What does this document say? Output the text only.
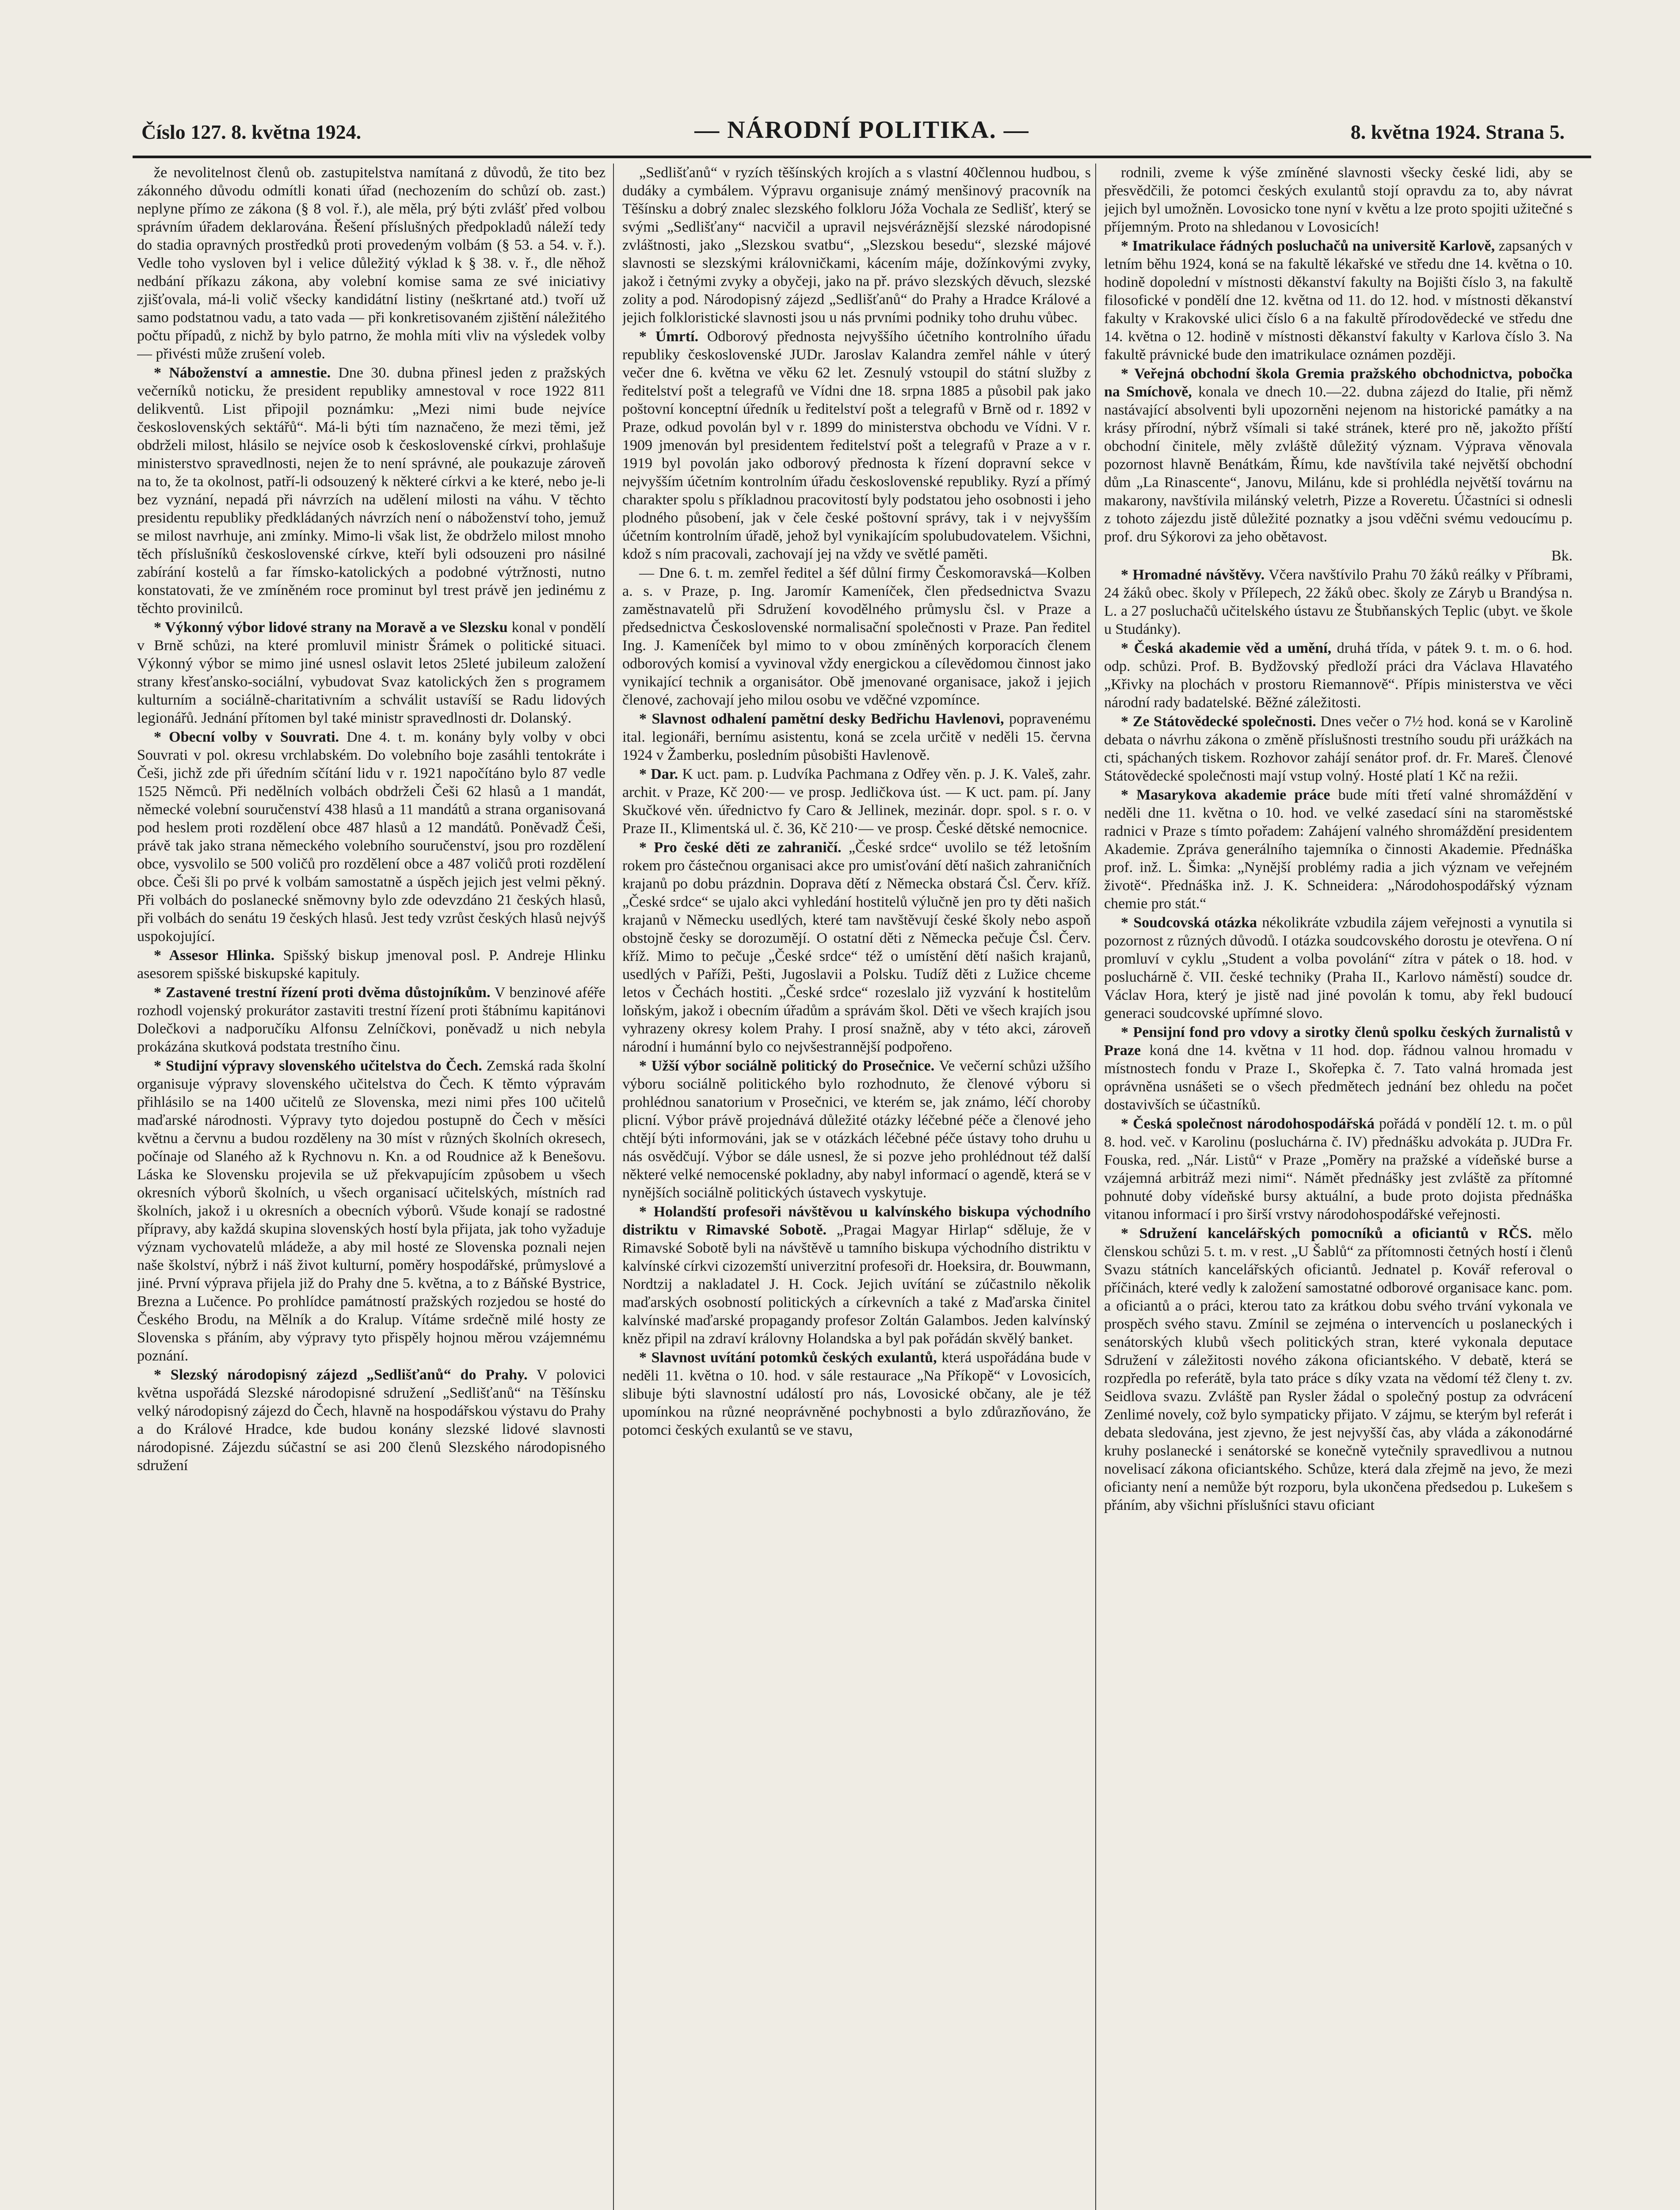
Číslo 127. 8. května 1924.	— NÁRODNÍ POLITIKA. —	8. května 1924. Strana 5.

že nevolitelnost členů ob. zastupitelstva namítaná z důvodů, že tito bez zákonného důvodu odmítli konati úřad (nechozením do schůzí ob. zast.) neplyne přímo ze zákona (§ 8 vol. ř.), ale měla, prý býti zvlášť před volbou správním úřadem deklarována. Řešení příslušných předpokladů náleží tedy do stadia opravných prostředků proti provedeným volbám (§ 53. a 54. v. ř.). Vedle toho vysloven byl i velice důležitý výklad k § 38. v. ř., dle něhož nedbání příkazu zákona, aby volební komise sama ze své iniciativy zjišťovala, má-li volič všecky kandidátní listiny (neškrtané atd.) tvoří už samo podstatnou vadu, a tato vada — při konkretisovaném zjištění náležitého počtu případů, z nichž by bylo patrno, že mohla míti vliv na výsledek volby — přivésti může zrušení voleb.

* Náboženství a amnestie. Dne 30. dubna přinesl jeden z pražských večerníků noticku, že president republiky amnestoval v roce 1922 811 delikventů. List připojil poznámku: „Mezi nimi bude nejvíce československých sektářů“. Má-li býti tím naznačeno, že mezi těmi, jež obdrželi milost, hlásilo se nejvíce osob k československé církvi, prohlašuje ministerstvo spravedlnosti, nejen že to není správné, ale poukazuje zároveň na to, že ta okolnost, patří-li odsouzený k některé církvi a ke které, nebo je-li bez vyznání, nepadá při návrzích na udělení milosti na váhu. V těchto presidentu republiky předkládaných návrzích není o náboženství toho, jemuž se milost navrhuje, ani zmínky. Mimo-li však list, že obdrželo milost mnoho těch příslušníků československé církve, kteří byli odsouzeni pro násilné zabírání kostelů a far římsko-katolických a podobné výtržnosti, nutno konstatovati, že ve zmíněném roce prominut byl trest právě jen jedinému z těchto provinilců.

* Výkonný výbor lidové strany na Moravě a ve Slezsku konal v pondělí v Brně schůzi, na které promluvil ministr Šrámek o politické situaci. Výkonný výbor se mimo jiné usnesl oslavit letos 25leté jubileum založení strany křesťansko-sociální, vybudovat Svaz katolických žen s programem kulturním a sociálně-charitativním a schválit ustavíší se Radu lidových legionářů. Jednání přítomen byl také ministr spravedlnosti dr. Dolanský.

* Obecní volby v Souvrati. Dne 4. t. m. konány byly volby v obci Souvrati v pol. okresu vrchlabském. Do volebního boje zasáhli tentokráte i Češi, jichž zde při úředním sčítání lidu v r. 1921 napočítáno bylo 87 vedle 1525 Němců. Při nedělních volbách obdrželi Češi 62 hlasů a 1 mandát, německé volební souručenství 438 hlasů a 11 mandátů a strana organisovaná pod heslem proti rozdělení obce 487 hlasů a 12 mandátů. Poněvadž Češi, právě tak jako strana německého volebního souručenství, jsou pro rozdělení obce, vysvolilo se 500 voličů pro rozdělení obce a 487 voličů proti rozdělení obce. Češi šli po prvé k volbám samostatně a úspěch jejich jest velmi pěkný. Při volbách do poslanecké sněmovny bylo zde odevzdáno 21 českých hlasů, při volbách do senátu 19 českých hlasů. Jest tedy vzrůst českých hlasů nejvýš uspokojující.

* Assesor Hlinka. Spišský biskup jmenoval posl. P. Andreje Hlinku asesorem spišské biskupské kapituly.

* Zastavené trestní řízení proti dvěma důstojníkům. V benzinové aféře rozhodl vojenský prokurátor zastaviti trestní řízení proti štábnímu kapitánovi Dolečkovi a nadporučíku Alfonsu Zelníčkovi, poněvadž u nich nebyla prokázána skutková podstata trestního činu.

* Studijní výpravy slovenského učitelstva do Čech. Zemská rada školní organisuje výpravy slovenského učitelstva do Čech. K těmto výpravám přihlásilo se na 1400 učitelů ze Slovenska, mezi nimi přes 100 učitelů maďarské národnosti. Výpravy tyto dojedou postupně do Čech v měsíci květnu a červnu a budou rozděleny na 30 míst v různých školních okresech, počínaje od Slaného až k Rychnovu n. Kn. a od Roudnice až k Benešovu. Láska ke Slovensku projevila se už překvapujícím způsobem u všech okresních výborů školních, u všech organisací učitelských, místních rad školních, jakož i u okresních a obecních výborů. Všude konají se radostné přípravy, aby každá skupina slovenských hostí byla přijata, jak toho vyžaduje význam vychovatelů mládeže, a aby mil hosté ze Slovenska poznali nejen naše školství, nýbrž i náš život kulturní, poměry hospodářské, průmyslové a jiné. První výprava přijela již do Prahy dne 5. května, a to z Báňské Bystrice, Brezna a Lučence. Po prohlídce památností pražských rozjedou se hosté do Českého Brodu, na Mělník a do Kralup. Vítáme srdečně milé hosty ze Slovenska s přáním, aby výpravy tyto přispěly hojnou měrou vzájemnému poznání.

* Slezský národopisný zájezd „Sedlišťanů“ do Prahy. V polovici května uspořádá Slezské národopisné sdružení „Sedlišťanů“ na Těšínsku velký národopisný zájezd do Čech, hlavně na hospodářskou výstavu do Prahy a do Králové Hradce, kde budou konány slezské lidové slavnosti národopisné. Zájezdu súčastní se asi 200 členů Slezského národopisného sdružení

„Sedlišťanů“ v ryzích těšínských krojích a s vlastní 40člennou hudbou, s dudáky a cymbálem. Výpravu organisuje známý menšinový pracovník na Těšínsku a dobrý znalec slezského folkloru Jóža Vochala ze Sedlišť, který se svými „Sedlišťany“ nacvičil a upravil nejsvéráznější slezské národopisné zvláštnosti, jako „Slezskou svatbu“, „Slezskou besedu“, slezské májové slavnosti se slezskými královničkami, kácením máje, dožínkovými zvyky, jakož i četnými zvyky a obyčeji, jako na př. právo slezských děvuch, slezské zolity a pod. Národopisný zájezd „Sedlišťanů“ do Prahy a Hradce Králové a jejich folkloristické slavnosti jsou u nás prvními podniky toho druhu vůbec.

* Úmrtí. Odborový přednosta nejvyššího účetního kontrolního úřadu republiky československé JUDr. Jaroslav Kalandra zemřel náhle v úterý večer dne 6. května ve věku 62 let. Zesnulý vstoupil do státní služby z ředitelství pošt a telegrafů ve Vídni dne 18. srpna 1885 a působil pak jako poštovní konceptní úředník u ředitelství pošt a telegrafů v Brně od r. 1892 v Praze, odkud povolán byl v r. 1899 do ministerstva obchodu ve Vídni. V r. 1909 jmenován byl presidentem ředitelství pošt a telegrafů v Praze a v r. 1919 byl povolán jako odborový přednosta k řízení dopravní sekce v nejvyšším účetním kontrolním úřadu československé republiky. Ryzí a přímý charakter spolu s příkladnou pracovitostí byly podstatou jeho osobnosti i jeho plodného působení, jak v čele české poštovní správy, tak i v nejvyšším účetním kontrolním úřadě, jehož byl vynikajícím spolubudovatelem. Všichni, kdož s ním pracovali, zachovají jej na vždy ve světlé paměti.

— Dne 6. t. m. zemřel ředitel a šéf důlní firmy Českomoravská—Kolben a. s. v Praze, p. Ing. Jaromír Kameníček, člen předsednictva Svazu zaměstnavatelů při Sdružení kovodělného průmyslu čsl. v Praze a předsednictva Československé normalisační společnosti v Praze. Pan ředitel Ing. J. Kameníček byl mimo to v obou zmíněných korporacích členem odborových komisí a vyvinoval vždy energickou a cílevědomou činnost jako vynikající technik a organisátor. Obě jmenované organisace, jakož i jejich členové, zachovají jeho milou osobu ve vděčné vzpomínce.

* Slavnost odhalení pamětní desky Bedřichu Havlenovi, popravenému ital. legionáři, bernímu asistentu, koná se zcela určitě v neděli 15. června 1924 v Žamberku, posledním působišti Havlenově.

* Dar. K uct. pam. p. Ludvíka Pachmana z Odřey věn. p. J. K. Valeš, zahr. archit. v Praze, Kč 200·— ve prosp. Jedličkova úst. — K uct. pam. pí. Jany Skučkové věn. úřednictvo fy Caro & Jellinek, mezinár. dopr. spol. s r. o. v Praze II., Klimentská ul. č. 36, Kč 210·— ve prosp. České dětské nemocnice.

* Pro české děti ze zahraničí. „České srdce“ uvolilo se též letošním rokem pro částečnou organisaci akce pro umisťování dětí našich zahraničních krajanů po dobu prázdnin. Doprava dětí z Německa obstará Čsl. Červ. kříž. „České srdce“ se ujalo akci vyhledání hostitelů výlučně jen pro ty děti našich krajanů v Německu usedlých, které tam navštěvují české školy nebo aspoň obstojně česky se dorozumějí. O ostatní děti z Německa pečuje Čsl. Červ. kříž. Mimo to pečuje „České srdce“ též o umístění dětí našich krajanů, usedlých v Paříži, Pešti, Jugoslavii a Polsku. Tudíž děti z Lužice chceme letos v Čechách hostiti. „České srdce“ rozeslalo již vyzvání k hostitelům loňským, jakož i obecním úřadům a správám škol. Děti ve všech krajích jsou vyhrazeny okresy kolem Prahy. I prosí snažně, aby v této akci, zároveň národní i humánní bylo co nejvšestrannější podpořeno.

* Užší výbor sociálně politický do Prosečnice. Ve večerní schůzi užšího výboru sociálně politického bylo rozhodnuto, že členové výboru si prohlédnou sanatorium v Prosečnici, ve kterém se, jak známo, léčí choroby plicní. Výbor právě projednává důležité otázky léčebné péče a členové jeho chtějí býti informováni, jak se v otázkách léčebné péče ústavy toho druhu u nás osvědčují. Výbor se dále usnesl, že si pozve jeho prohlédnout též další některé velké nemocenské pokladny, aby nabyl informací o agendě, která se v nynějších sociálně politických ústavech vyskytuje.

* Holandští profesoři návštěvou u kalvínského biskupa východního distriktu v Rimavské Sobotě. „Pragai Magyar Hirlap“ sděluje, že v Rimavské Sobotě byli na návštěvě u tamního biskupa východního distriktu v kalvínské církvi cizozemští univerzitní profesoři dr. Hoeksira, dr. Bouwmann, Nordtzij a nakladatel J. H. Cock. Jejich uvítání se zúčastnilo několik maďarských osobností politických a církevních a také z Maďarska činitel kalvínské maďarské propagandy profesor Zoltán Galambos. Jeden kalvínský kněz připil na zdraví královny Holandska a byl pak pořádán skvělý banket.

* Slavnost uvítání potomků českých exulantů, která uspořádána bude v neděli 11. května o 10. hod. v sále restaurace „Na Příkopě“ v Lovosicích, slibuje býti slavnostní událostí pro nás, Lovosické občany, ale je též upomínkou na různé neoprávněné pochybnosti a bylo zdůrazňováno, že potomci českých exulantů se ve stavu,

rodnili, zveme k výše zmíněné slavnosti všecky české lidi, aby se přesvědčili, že potomci českých exulantů stojí opravdu za to, aby návrat jejich byl umožněn. Lovosicko tone nyní v květu a lze proto spojiti užitečné s příjemným. Proto na shledanou v Lovosicích!

* Imatrikulace řádných posluchačů na universitě Karlově, zapsaných v letním běhu 1924, koná se na fakultě lékařské ve středu dne 14. května o 10. hodině dopolední v místnosti děkanství fakulty na Bojišti číslo 3, na fakultě filosofické v pondělí dne 12. května od 11. do 12. hod. v místnosti děkanství fakulty v Krakovské ulici číslo 6 a na fakultě přírodovědecké ve středu dne 14. května o 12. hodině v místnosti děkanství fakulty v Karlova číslo 3. Na fakultě právnické bude den imatrikulace oznámen později.

* Veřejná obchodní škola Gremia pražského obchodnictva, pobočka na Smíchově, konala ve dnech 10.—22. dubna zájezd do Italie, při němž nastávající absolventi byli upozorněni nejenom na historické památky a na krásy přírodní, nýbrž všímali si také stránek, které pro ně, jakožto příští obchodní činitele, měly zvláště důležitý význam. Výprava věnovala pozornost hlavně Benátkám, Římu, kde navštívila také největší obchodní dům „La Rinascente“, Janovu, Milánu, kde si prohlédla největší továrnu na makarony, navštívila milánský veletrh, Pizze a Roveretu. Účastníci si odnesli z tohoto zájezdu jistě důležité poznatky a jsou vděčni svému vedoucímu p. prof. dru Sýkorovi za jeho obětavost.

Bk.

* Hromadné návštěvy. Včera navštívilo Prahu 70 žáků reálky v Příbrami, 24 žáků obec. školy v Přílepech, 22 žáků obec. školy ze Záryb u Brandýsa n. L. a 27 posluchačů učitelského ústavu ze Štubňanských Teplic (ubyt. ve škole u Studánky).

* Česká akademie věd a umění, druhá třída, v pátek 9. t. m. o 6. hod. odp. schůzi. Prof. B. Bydžovský předloží práci dra Václava Hlavatého „Křivky na plochách v prostoru Riemannově“. Přípis ministerstva ve věci národní rady badatelské. Běžné záležitosti.

* Ze Státovědecké společnosti. Dnes večer o 7½ hod. koná se v Karolině debata o návrhu zákona o změně příslušnosti trestního soudu při urážkách na cti, spáchaných tiskem. Rozhovor zahájí senátor prof. dr. Fr. Mareš. Členové Státovědecké společnosti mají vstup volný. Hosté platí 1 Kč na režii.

* Masarykova akademie práce bude míti třetí valné shromáždění v neděli dne 11. května o 10. hod. ve velké zasedací síni na staroměstské radnici v Praze s tímto pořadem: Zahájení valného shromáždění presidentem Akademie. Zpráva generálního tajemníka o činnosti Akademie. Přednáška prof. inž. L. Šimka: „Nynější problémy radia a jich význam ve veřejném životě“. Přednáška inž. J. K. Schneidera: „Národohospodářský význam chemie pro stát.“

* Soudcovská otázka nékolikráte vzbudila zájem veřejnosti a vynutila si pozornost z různých důvodů. I otázka soudcovského dorostu je otevřena. O ní promluví v cyklu „Student a volba povolání“ zítra v pátek o 18. hod. v posluchárně č. VII. české techniky (Praha II., Karlovo náměstí) soudce dr. Václav Hora, který je jistě nad jiné povolán k tomu, aby řekl budoucí generaci soudcovské upřímné slovo.

* Pensijní fond pro vdovy a sirotky členů spolku českých žurnalistů v Praze koná dne 14. května v 11 hod. dop. řádnou valnou hromadu v místnostech fondu v Praze I., Skořepka č. 7. Tato valná hromada jest oprávněna usnášeti se o všech předmětech jednání bez ohledu na počet dostavivších se účastníků.

* Česká společnost národohospodářská pořádá v pondělí 12. t. m. o půl 8. hod. več. v Karolinu (posluchárna č. IV) přednášku advokáta p. JUDra Fr. Fouska, red. „Nár. Listů“ v Praze „Poměry na pražské a vídeňské burse a vzájemná arbitráž mezi nimi“. Námět přednášky jest zvláště za přítomné pohnuté doby vídeňské bursy aktuální, a bude proto dojista přednáška vitanou informací i pro širší vrstvy národohospodářské veřejnosti.

* Sdružení kancelářských pomocníků a oficiantů v RČS. mělo členskou schůzi 5. t. m. v rest. „U Šablů“ za přítomnosti četných hostí i členů Svazu státních kancelářských oficiantů. Jednatel p. Kovář referoval o příčinách, které vedly k založení samostatné odborové organisace kanc. pom. a oficiantů a o práci, kterou tato za krátkou dobu svého trvání vykonala ve prospěch svého stavu. Zmínil se zejména o intervencích u poslaneckých i senátorských klubů všech politických stran, které vykonala deputace Sdružení v záležitosti nového zákona oficiantského. V debatě, která se rozpředla po referátě, byla tato práce s díky vzata na vědomí též členy t. zv. Seidlova svazu. Zvláště pan Rysler žádal o společný postup za odvrácení Zenlimé novely, což bylo sympaticky přijato. V zájmu, se kterým byl referát i debata sledována, jest zjevno, že jest nejvyšší čas, aby vláda a zákonodárné kruhy poslanecké i senátorské se konečně vytečnily spravedlivou a nutnou novelisací zákona oficiantského. Schůze, která dala zřejmě na jevo, že mezi oficianty není a nemůže být rozporu, byla ukončena předsedou p. Lukešem s přáním, aby všichni příslušníci stavu oficiant
